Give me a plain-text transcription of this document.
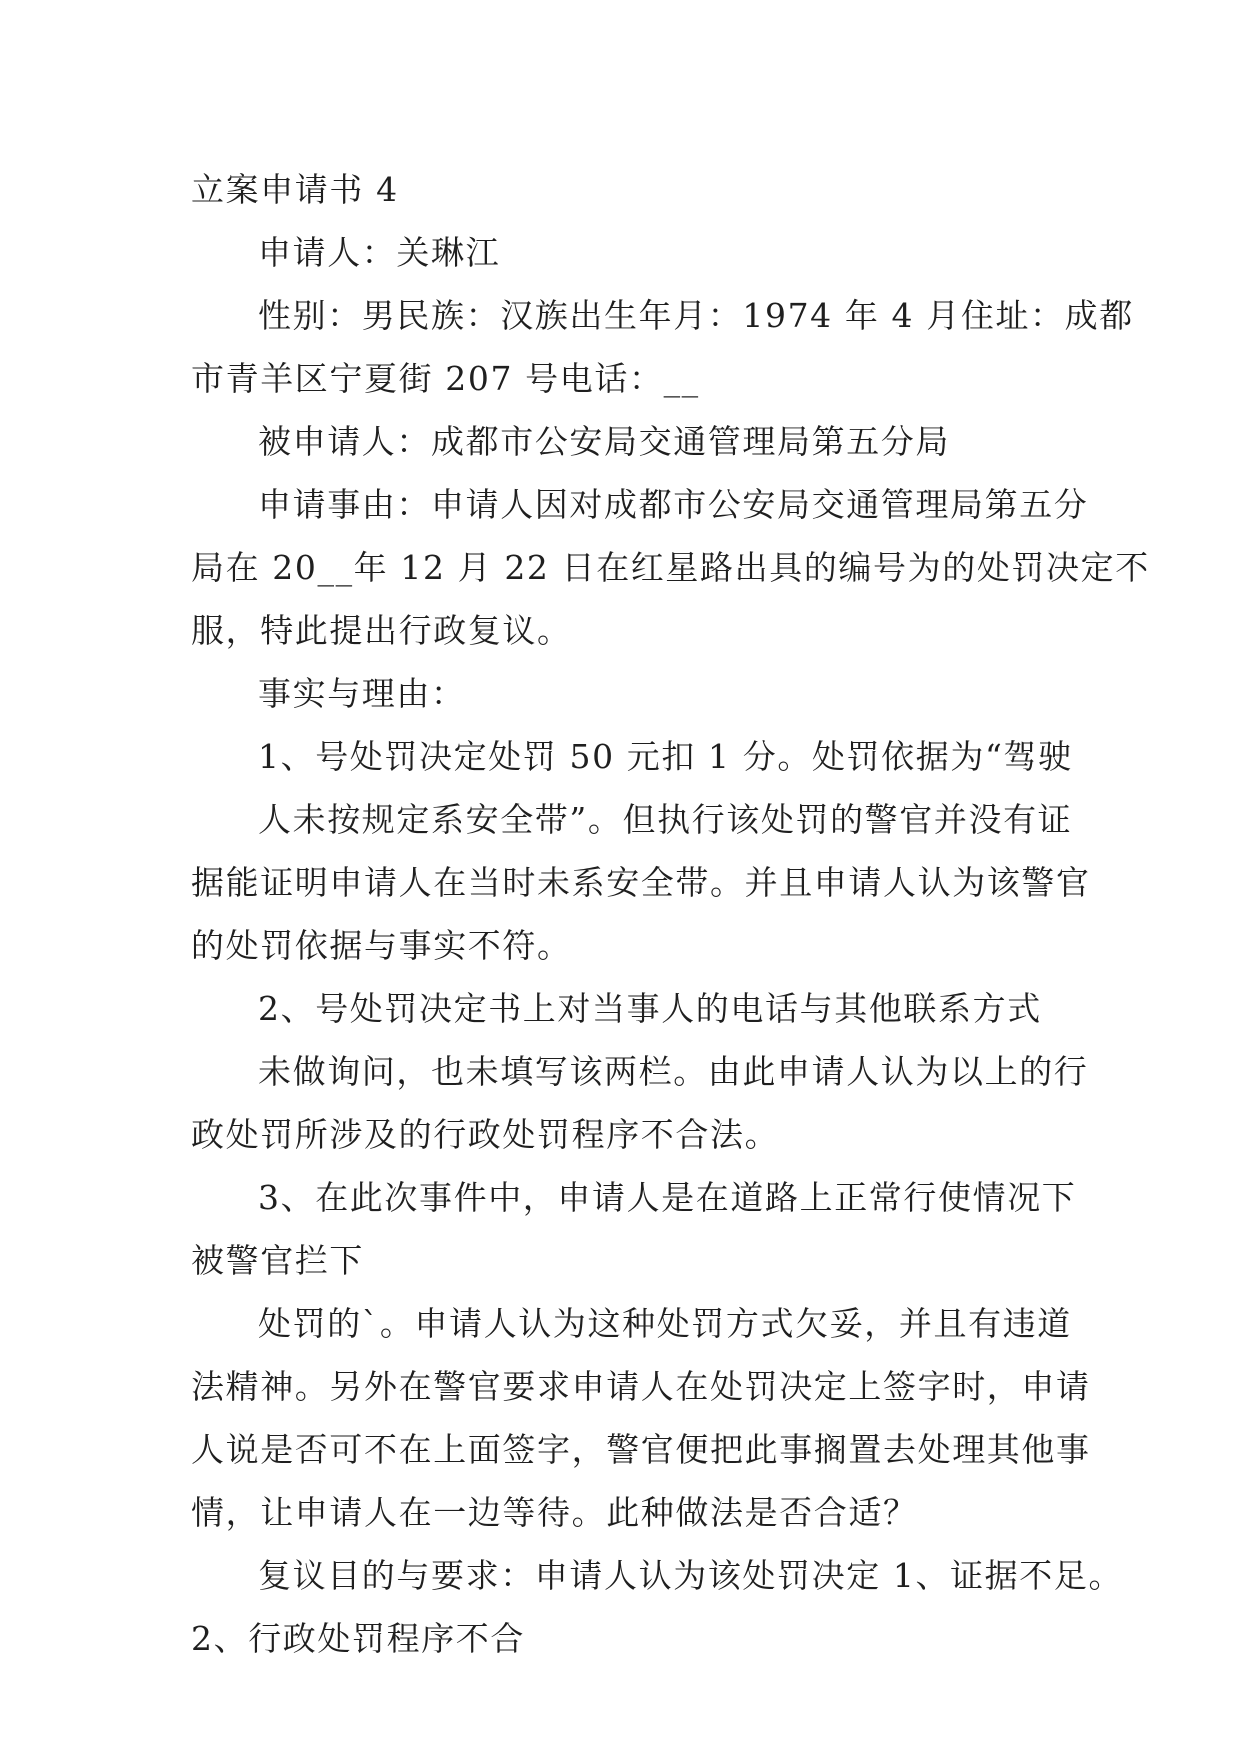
立案申请书 4
申请人：关琳江
性别：男民族：汉族出生年月：1974 年 4 月住址：成都
市青羊区宁夏街 207 号电话：__
被申请人：成都市公安局交通管理局第五分局
申请事由：申请人因对成都市公安局交通管理局第五分
局在 20__年 12 月 22 日在红星路出具的编号为的处罚决定不
服，特此提出行政复议。
事实与理由：
1、号处罚决定处罚 50 元扣 1 分。处罚依据为“驾驶
人未按规定系安全带”。但执行该处罚的警官并没有证
据能证明申请人在当时未系安全带。并且申请人认为该警官
的处罚依据与事实不符。
2、号处罚决定书上对当事人的电话与其他联系方式
未做询问，也未填写该两栏。由此申请人认为以上的行
政处罚所涉及的行政处罚程序不合法。
3、在此次事件中，申请人是在道路上正常行使情况下
被警官拦下
处罚的`。申请人认为这种处罚方式欠妥，并且有违道
法精神。另外在警官要求申请人在处罚决定上签字时，申请
人说是否可不在上面签字，警官便把此事搁置去处理其他事
情，让申请人在一边等待。此种做法是否合适？
复议目的与要求：申请人认为该处罚决定 1、证据不足。
2、行政处罚程序不合
